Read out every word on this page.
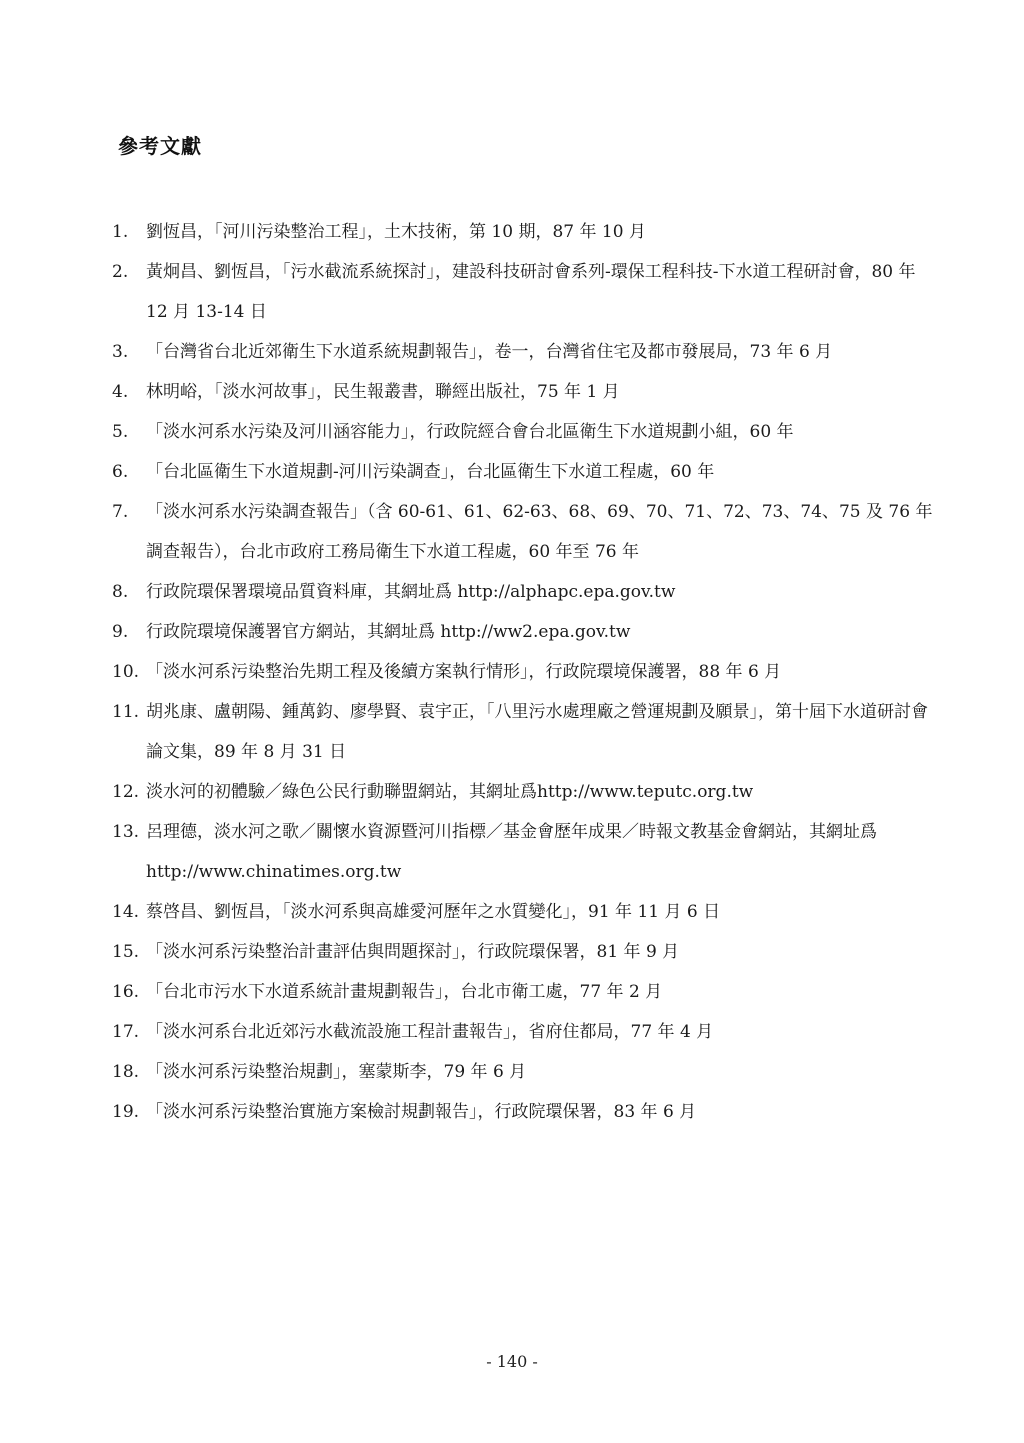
參考文獻
1.	劉恆昌，「河川污染整治工程」，土木技術，第 10 期，87 年 10 月
2.	黃炯昌、劉恆昌，「污水截流系統探討」，建設科技研討會系列-環保工程科技-下水道工程研討會，80 年 12 月 13-14 日
3.	「台灣省台北近郊衛生下水道系統規劃報告」，卷一，台灣省住宅及都市發展局，73 年 6 月
4.	林明峪，「淡水河故事」，民生報叢書，聯經出版社，75 年 1 月
5.	「淡水河系水污染及河川涵容能力」，行政院經合會台北區衛生下水道規劃小組，60 年
6.	「台北區衛生下水道規劃-河川污染調查」，台北區衛生下水道工程處，60 年
7.	「淡水河系水污染調查報告」（含 60-61、61、62-63、68、69、70、71、72、73、74、75 及 76 年調查報告），台北市政府工務局衛生下水道工程處，60 年至 76 年
8.	行政院環保署環境品質資料庫，其網址爲 http://alphapc.epa.gov.tw
9.	行政院環境保護署官方網站，其網址爲 http://ww2.epa.gov.tw
10. 「淡水河系污染整治先期工程及後續方案執行情形」，行政院環境保護署，88 年 6 月
11. 胡兆康、盧朝陽、鍾萬鈞、廖學賢、袁宇正，「八里污水處理廠之營運規劃及願景」，第十屆下水道研討會論文集，89 年 8 月 31 日
12. 淡水河的初體驗／綠色公民行動聯盟網站，其網址爲http://www.teputc.org.tw
13. 呂理德，淡水河之歌／關懷水資源暨河川指標／基金會歷年成果／時報文教基金會網站，其網址爲http://www.chinatimes.org.tw
14. 蔡啓昌、劉恆昌，「淡水河系與高雄愛河歷年之水質變化」，91 年 11 月 6 日
15. 「淡水河系污染整治計畫評估與問題探討」，行政院環保署，81 年 9 月
16. 「台北市污水下水道系統計畫規劃報告」，台北市衛工處，77 年 2 月
17. 「淡水河系台北近郊污水截流設施工程計畫報告」，省府住都局，77 年 4 月
18. 「淡水河系污染整治規劃」，塞蒙斯李，79 年 6 月
19. 「淡水河系污染整治實施方案檢討規劃報告」，行政院環保署，83 年 6 月
- 140 -
